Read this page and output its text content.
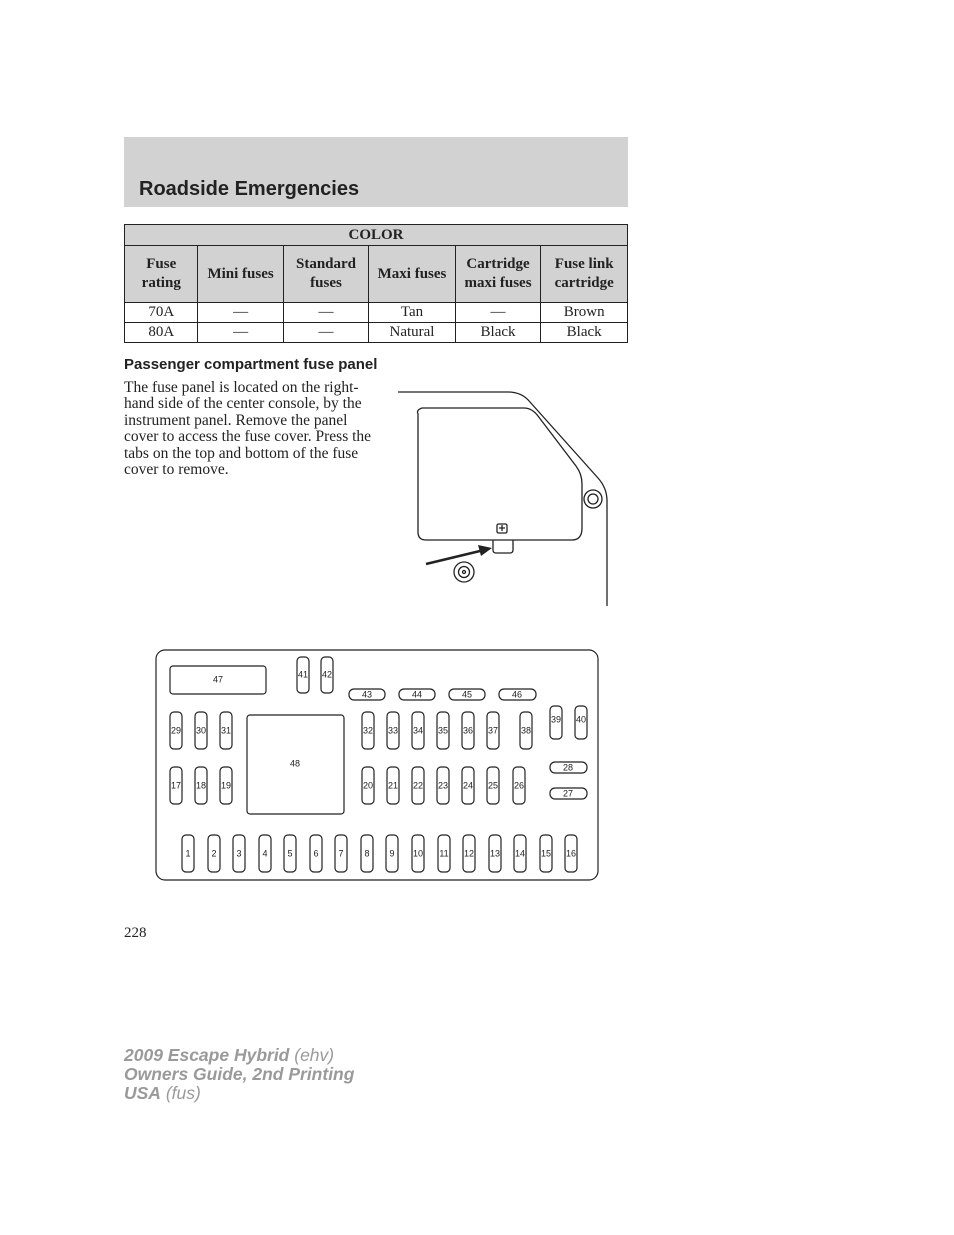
Roadside Emergencies
COLOR					
Fuse rating	Mini fuses	Standard fuses	Maxi fuses	Cartridge maxi fuses	Fuse link cartridge
70A	—	—	Tan	—	Brown
80A	—	—	Natural	Black	Black
Passenger compartment fuse panel

The fuse panel is located on the right-hand side of the center console, by the instrument panel. Remove the panel cover to access the fuse cover. Press the tabs on the top and bottom of the fuse cover to remove.

47
48
41 42
43	44	45	46
39 40
28
27
29 30 31
17 18 19
32 33 34 35 36 37	38
20 21 22 23 24 25 26
1 2 3 4 5 6 7 8 9 10 11 12 13 14 15 16
228
2009 Escape Hybrid (ehv)
Owners Guide, 2nd Printing
USA (fus)
